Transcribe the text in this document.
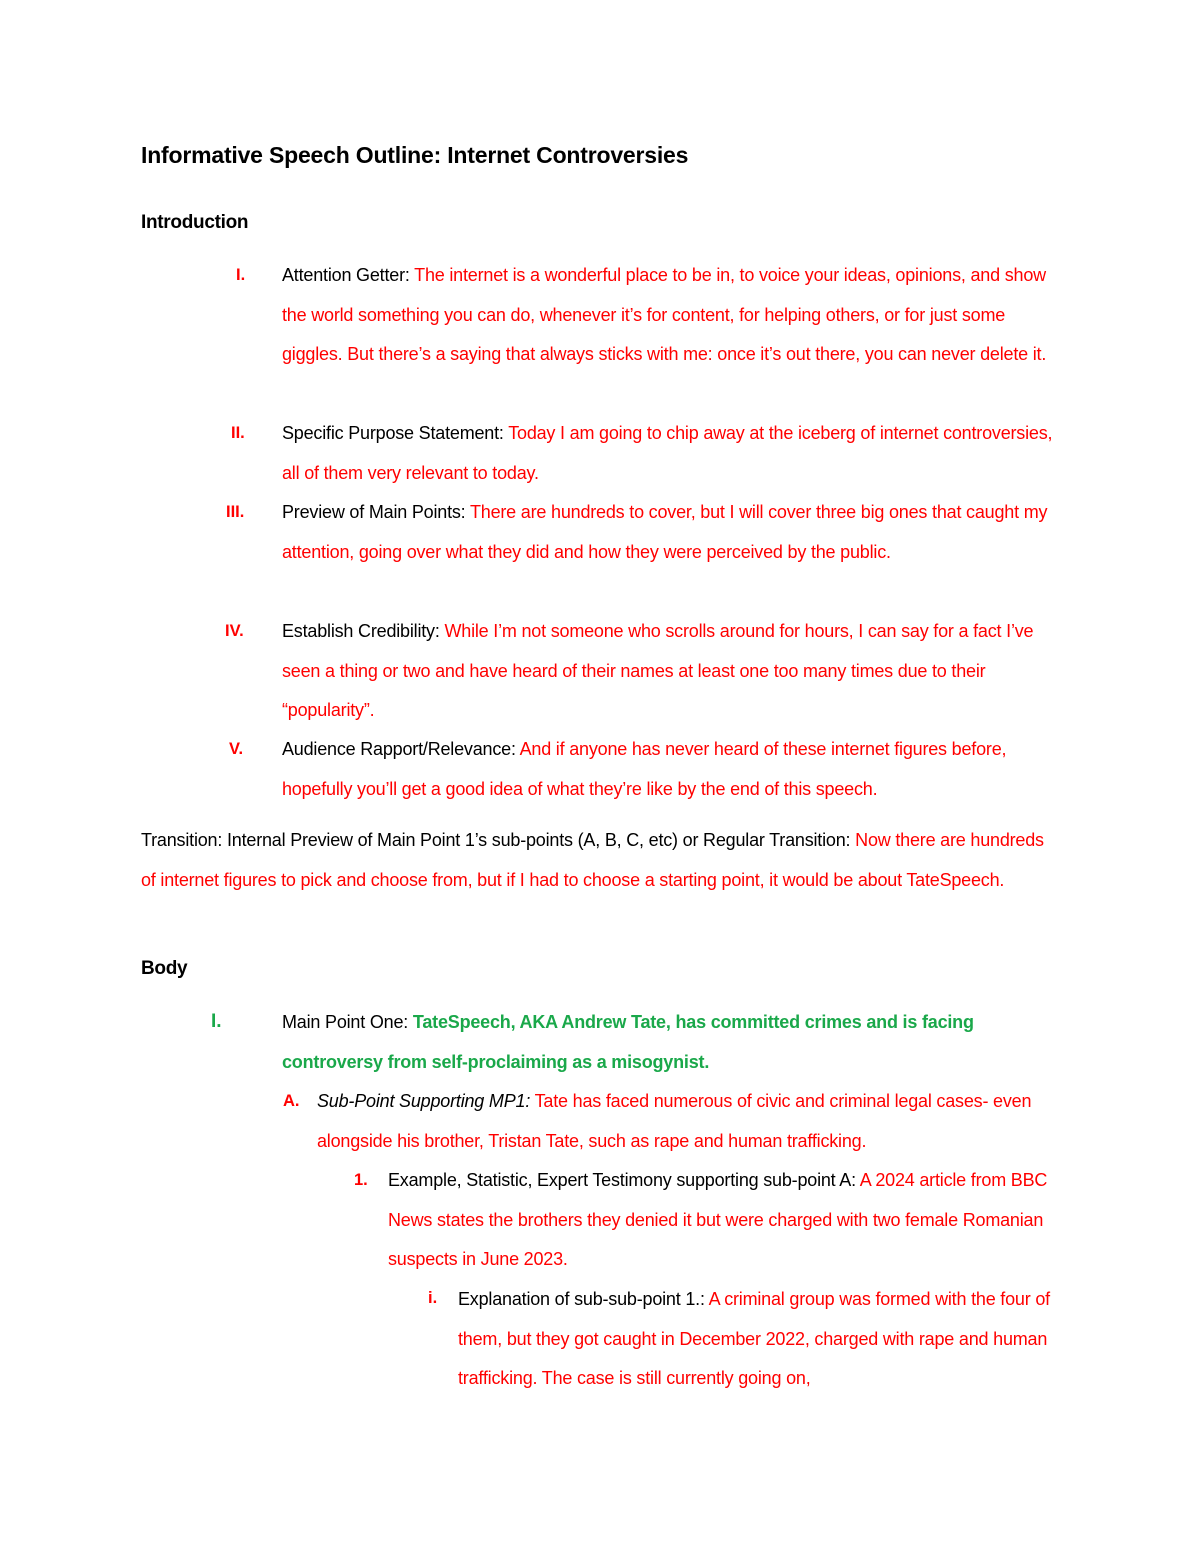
Informative Speech Outline: Internet Controversies
Introduction
I. Attention Getter: The internet is a wonderful place to be in, to voice your ideas, opinions, and show the world something you can do, whenever it’s for content, for helping others, or for just some giggles. But there’s a saying that always sticks with me: once it’s out there, you can never delete it.
II. Specific Purpose Statement: Today I am going to chip away at the iceberg of internet controversies, all of them very relevant to today.
III. Preview of Main Points: There are hundreds to cover, but I will cover three big ones that caught my attention, going over what they did and how they were perceived by the public.
IV. Establish Credibility: While I’m not someone who scrolls around for hours, I can say for a fact I’ve seen a thing or two and have heard of their names at least one too many times due to their “popularity”.
V. Audience Rapport/Relevance: And if anyone has never heard of these internet figures before, hopefully you’ll get a good idea of what they’re like by the end of this speech.
Transition: Internal Preview of Main Point 1’s sub-points (A, B, C, etc) or Regular Transition: Now there are hundreds of internet figures to pick and choose from, but if I had to choose a starting point, it would be about TateSpeech.
Body
I.	Main Point One: TateSpeech, AKA Andrew Tate, has committed crimes and is facing controversy from self-proclaiming as a misogynist.
A. Sub-Point Supporting MP1: Tate has faced numerous of civic and criminal legal cases- even alongside his brother, Tristan Tate, such as rape and human trafficking.
1. Example, Statistic, Expert Testimony supporting sub-point A: A 2024 article from BBC News states the brothers they denied it but were charged with two female Romanian suspects in June 2023.
i. Explanation of sub-sub-point 1.: A criminal group was formed with the four of them, but they got caught in December 2022, charged with rape and human trafficking. The case is still currently going on,
